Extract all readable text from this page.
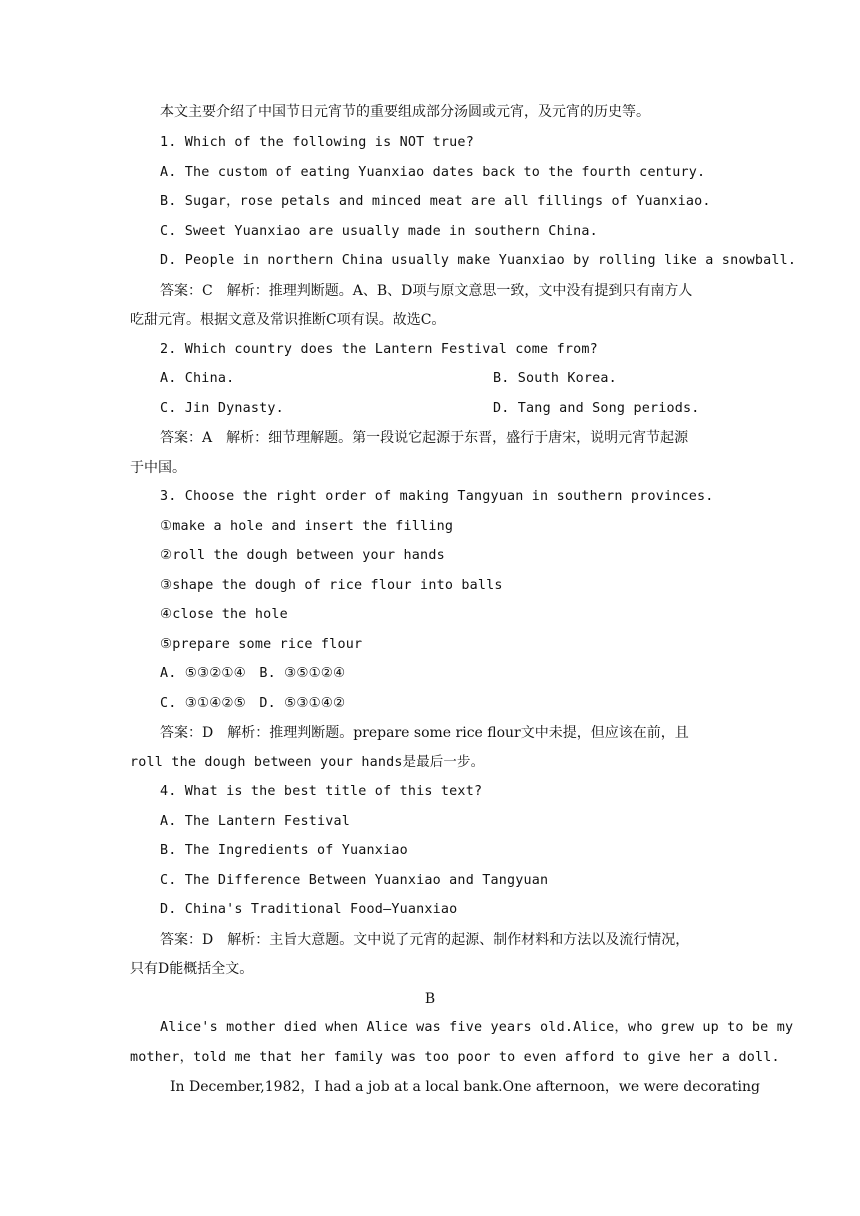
本文主要介绍了中国节日元宵节的重要组成部分汤圆或元宵，及元宵的历史等。
1. Which of the following is NOT true?
A. The custom of eating Yuanxiao dates back to the fourth century.
B. Sugar，rose petals and minced meat are all fillings of Yuanxiao.
C. Sweet Yuanxiao are usually made in southern China.
D. People in northern China usually make Yuanxiao by rolling like a snowball.
答案：C　解析：推理判断题。A、B、D项与原文意思一致，文中没有提到只有南方人
吃甜元宵。根据文意及常识推断C项有误。故选C。
2. Which country does the Lantern Festival come from?
A. China.	B. South Korea.
C. Jin Dynasty.	D. Tang and Song periods.
答案：A　解析：细节理解题。第一段说它起源于东晋，盛行于唐宋，说明元宵节起源
于中国。
3. Choose the right order of making Tangyuan in southern provinces.
①make a hole and insert the filling
②roll the dough between your hands
③shape the dough of rice flour into balls
④close the hole
⑤prepare some rice flour
A. ⑤③②①④　B. ③⑤①②④
C. ③①④②⑤　D. ⑤③①④②
答案：D　解析：推理判断题。prepare some rice flour文中未提，但应该在前，且
roll the dough between your hands是最后一步。
4. What is the best title of this text?
A. The Lantern Festival
B. The Ingredients of Yuanxiao
C. The Difference Between Yuanxiao and Tangyuan
D. China's Traditional Food—Yuanxiao
答案：D　解析：主旨大意题。文中说了元宵的起源、制作材料和方法以及流行情况，
只有D能概括全文。
B
Alice's mother died when Alice was five years old.Alice，who grew up to be my
mother，told me that her family was too poor to even afford to give her a doll.
In December,1982，I had a job at a local bank.One afternoon，we were decorating
